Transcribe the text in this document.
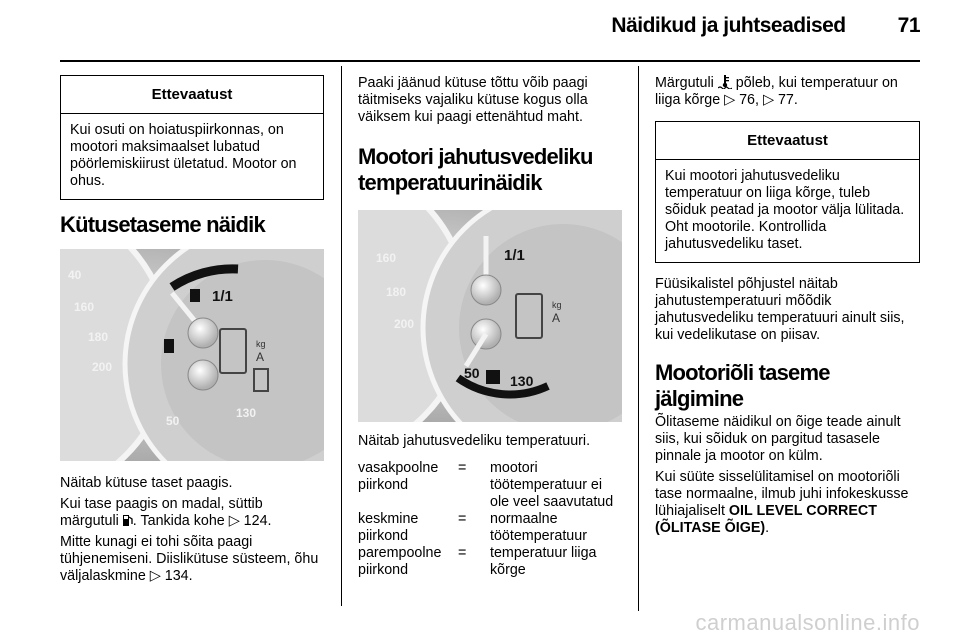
Näidikud ja juhtseadised 71
Ettevaatust
Kui osuti on hoiatuspiirkonnas, on mootori maksimaalset lubatud pöörlemiskiirust ületatud. Mootor on ohus.
Kütusetaseme näidik
40
160
180
200
1/1
kg
A
50
130

Näitab kütuse taset paagis.

Kui tase paagis on madal, süttib märgutuli . Tankida kohe ▷ 124.

Mitte kunagi ei tohi sõita paagi tühjenemiseni. Diislikütuse süsteem, õhu väljalaskmine ▷ 134.

Paaki jäänud kütuse tõttu võib paagi täitmiseks vajaliku kütuse kogus olla väiksem kui paagi ettenähtud maht.

Mootori jahutusvedeliku
temperatuurinäidik
160
180
200
1/1
kg
A
50 130

Näitab jahutusvedeliku temperatuuri.

vasakpoolne piirkond	=	mootori töötemperatuur ei ole veel saavutatud
keskmine piirkond	=	normaalne töötemperatuur
parempoolne piirkond	=	temperatuur liiga kõrge

Märgutuli  põleb, kui temperatuur on liiga kõrge ▷ 76, ▷ 77.

Ettevaatust
Kui mootori jahutusvedeliku temperatuur on liiga kõrge, tuleb sõiduk peatad ja mootor välja lülitada. Oht mootorile. Kontrollida jahutusvedeliku taset.

Füüsikalistel põhjustel näitab jahutustemperatuuri mõõdik jahutusvedeliku temperatuuri ainult siis, kui vedelikutase on piisav.

Mootoriõli taseme
jälgimine

Õlitaseme näidikul on õige teade ainult siis, kui sõiduk on pargitud tasasele pinnale ja mootor on külm.

Kui süüte sisselülitamisel on mootoriõli tase normaalne, ilmub juhi infokeskusse lühiajaliselt OIL LEVEL CORRECT (ÕLITASE ÕIGE).

carmanualsonline.info
